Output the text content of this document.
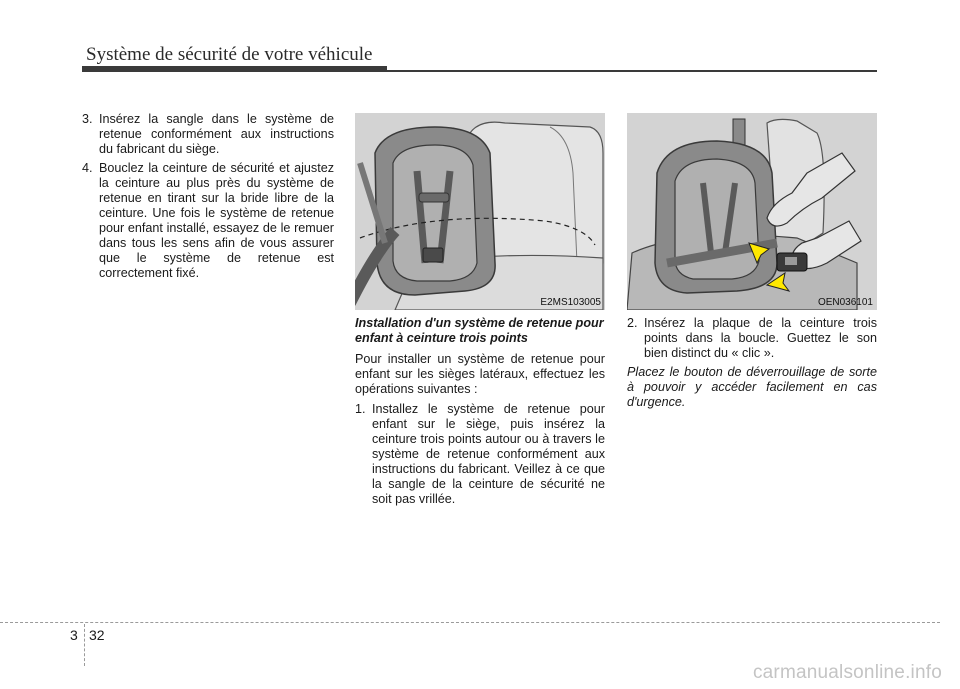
Système de sécurité de votre véhicule
3. Insérez la sangle dans le système de retenue conformément aux instructions du fabricant du siège.
4. Bouclez la ceinture de sécurité et ajustez la ceinture au plus près du système de retenue en tirant sur la bride libre de la ceinture. Une fois le système de retenue pour enfant installé, essayez de le remuer dans tous les sens afin de vous assurer que le système de retenue est correctement fixé.
E2MS103005	OEN036101

Installation d'un système de retenue pour enfant à ceinture trois points

Pour installer un système de retenue pour enfant sur les sièges latéraux, effectuez les opérations suivantes :

1. Installez le système de retenue pour enfant sur le siège, puis insérez la ceinture trois points autour ou à travers le système de retenue conformément aux instructions du fabricant. Veillez à ce que la sangle de la ceinture de sécurité ne soit pas vrillée.
2. Insérez la plaque de la ceinture trois points dans la boucle. Guettez le son bien distinct du « clic ».

Placez le bouton de déverrouillage de sorte à pouvoir y accéder facilement en cas d'urgence.

3 32
carmanualsonline.info
